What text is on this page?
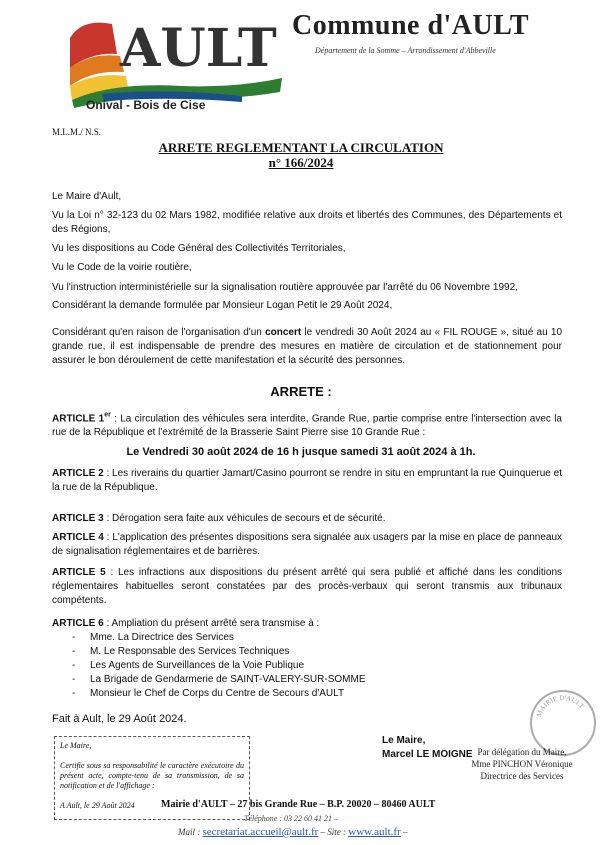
AULT
Onival - Bois de Cise
Commune d'AULT
Département de la Somme – Arrondissement d'Abbeville
M.L.M./ N.S.
ARRETE REGLEMENTANT LA CIRCULATION
n° 166/2024
Le Maire d'Ault,
Vu la Loi n° 32-123 du 02 Mars 1982, modifiée relative aux droits et libertés des Communes, des Départements et des Régions,
Vu les dispositions au Code Général des Collectivités Territoriales,
Vu le Code de la voirie routière,
Vu l'instruction interministérielle sur la signalisation routière approuvée par l'arrêté du 06 Novembre 1992,
Considérant la demande formulée par Monsieur Logan Petit le 29 Août 2024,
Considérant qu'en raison de l'organisation d'un concert le vendredi 30 Août 2024 au « FIL ROUGE », situé au 10 grande rue, il est indispensable de prendre des mesures en matière de circulation et de stationnement pour assurer le bon déroulement de cette manifestation et la sécurité des personnes.
ARRETE :
ARTICLE 1er : La circulation des véhicules sera interdite, Grande Rue, partie comprise entre l'intersection avec la rue de la République et l'extrémité de la Brasserie Saint Pierre sise 10 Grande Rue :
Le Vendredi 30 août 2024 de 16 h jusque samedi 31 août 2024 à 1h.
ARTICLE 2 : Les riverains du quartier Jamart/Casino pourront se rendre in situ en empruntant la rue Quinquerue et la rue de la République.
ARTICLE 3 : Dérogation sera faite aux véhicules de secours et de sécurité.
ARTICLE 4 : L'application des présentes dispositions sera signalée aux usagers par la mise en place de panneaux de signalisation réglementaires et de barrières.
ARTICLE 5 : Les infractions aux dispositions du présent arrêté qui sera publié et affiché dans les conditions réglementaires habituelles seront constatées par des procès-verbaux qui seront transmis aux tribunaux compétents.
ARTICLE 6 : Ampliation du présent arrêté sera transmise à :
- Mme. La Directrice des Services
- M. Le Responsable des Services Techniques
- Les Agents de Surveillances de la Voie Publique
- La Brigade de Gendarmerie de SAINT-VALERY-SUR-SOMME
- Monsieur le Chef de Corps du Centre de Secours d'AULT
Fait à Ault, le 29 Août 2024.	MAIRIE D'AULT
Le Maire,
Marcel LE MOIGNE Par délégation du Maire,
Mme PINCHON Véronique
Directrice des Services
Le Maire,
Certifie sous sa responsabilité le caractère exécutoire du présent acte, compte-tenu de sa transmission, de sa notification et de l'affichage :
A Ault, le 29 Août 2024	Mairie d'AULT – 27 bis Grande Rue – B.P. 20020 – 80460 AULT
Téléphone : 03 22 60 41 21 –
Mail : secretariat.accueil@ault.fr – Site : www.ault.fr –
